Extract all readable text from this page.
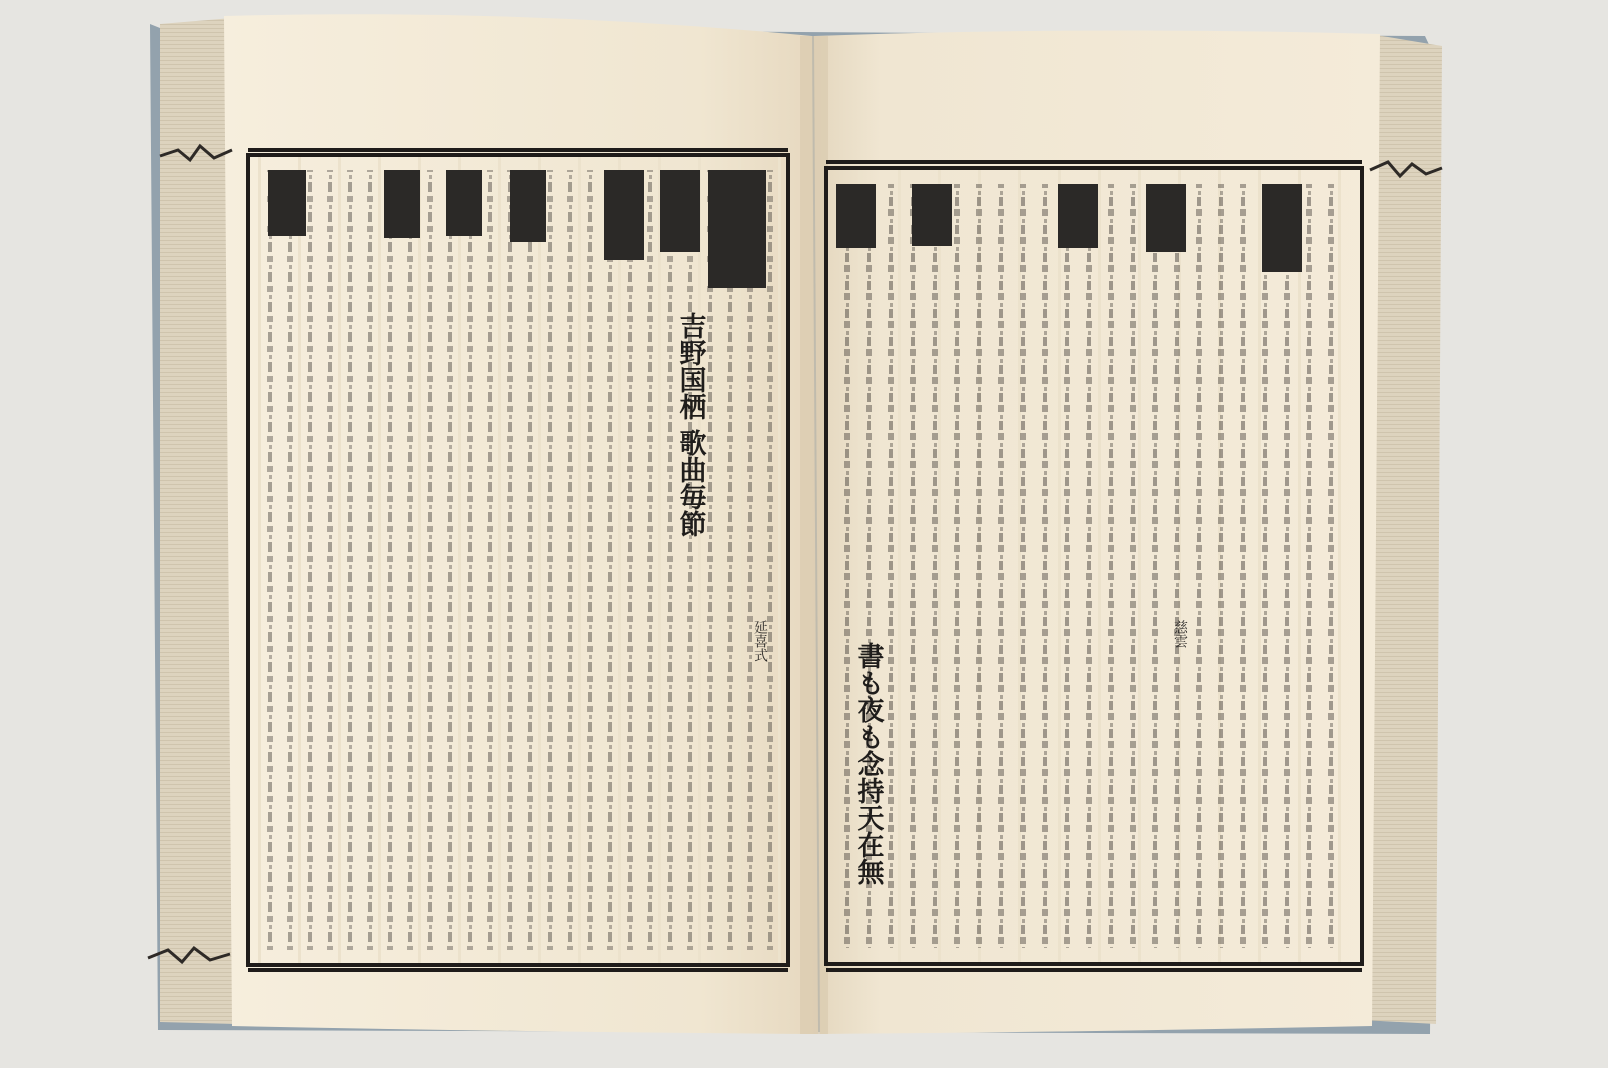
吉野国栖 歌曲毎節
書も夜も念持天在無
延喜式	慈雲
